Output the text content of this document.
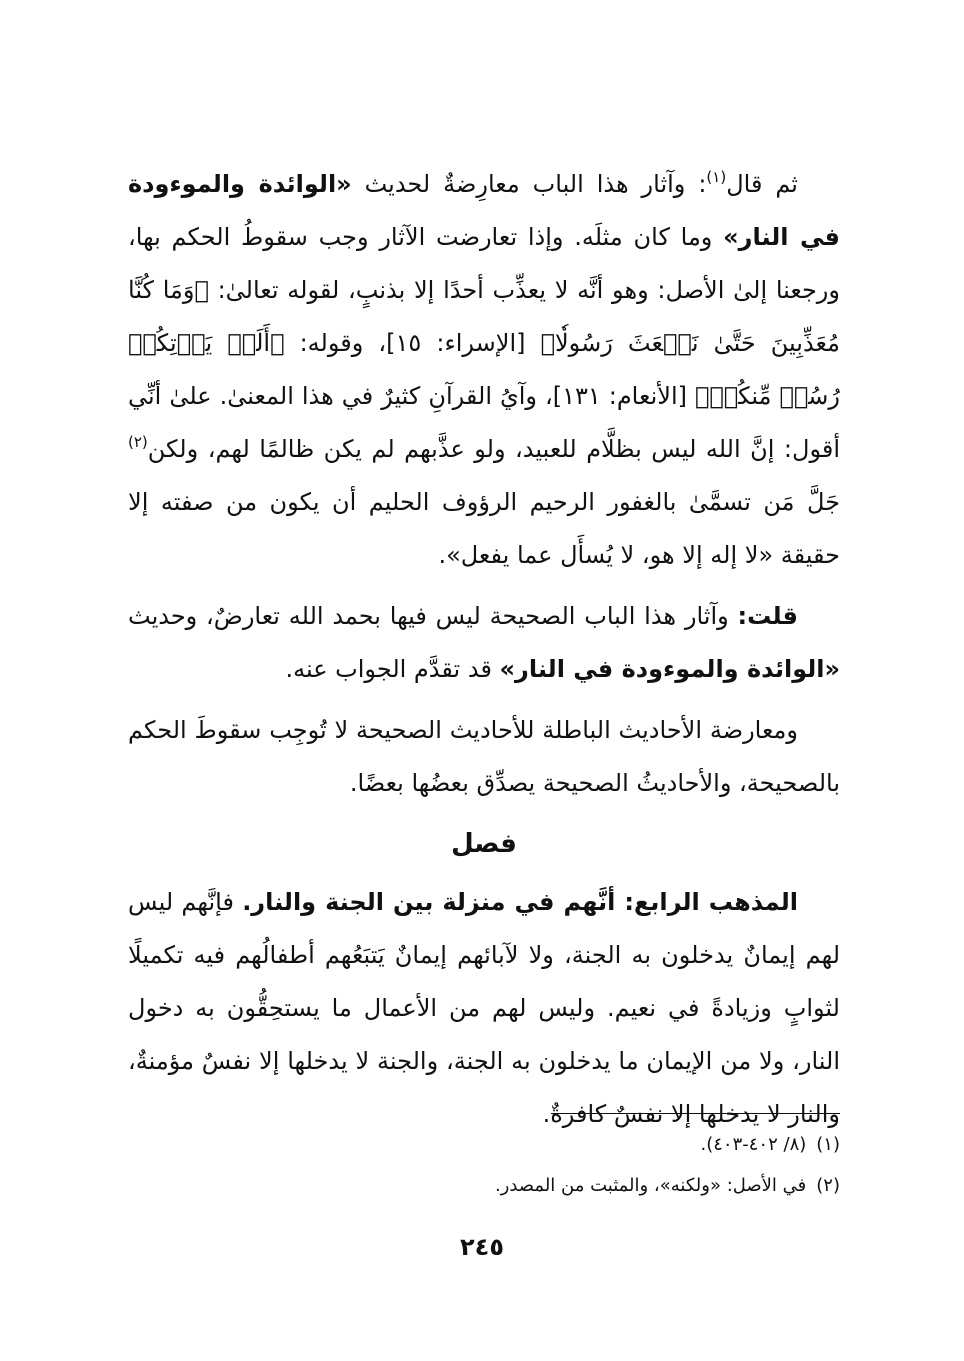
ثم قال$^{(١)}$: وآثار هذا الباب معارِضةٌ لحديث «الوائدة والموءودة في النار» وما كان مثلَه. وإذا تعارضت الآثار وجب سقوطُ الحكم بها، ورجعنا إلىٰ الأصل: وهو أنَّه لا يعذِّب أحدًا إلا بذنبٍ، لقوله تعالىٰ: ﴿وَمَا كُنَّا مُعَذِّبِينَ حَتَّىٰ نَبۡعَثَ رَسُولٗا﴾ [الإسراء: ١٥]، وقوله: ﴿أَلَمۡ يَأۡتِكُمۡ رُسُلٞ مِّنكُمۡ﴾ [الأنعام: ١٣١]، وآيُ القرآنِ كثيرٌ في هذا المعنىٰ. علىٰ أنِّي أقول: إنَّ الله ليس بظلَّام للعبيد، ولو عذَّبهم لم يكن ظالمًا لهم، ولكن$^{(٢)}$ جَلَّ مَن تسمَّىٰ بالغفور الرحيم الرؤوف الحليم أن يكون من صفته إلا حقيقة «لا إله إلا هو، لا يُسأَل عما يفعل».

قلت: وآثار هذا الباب الصحيحة ليس فيها بحمد الله تعارضٌ، وحديث «الوائدة والموءودة في النار» قد تقدَّم الجواب عنه.

ومعارضة الأحاديث الباطلة للأحاديث الصحيحة لا تُوجِب سقوطَ الحكم بالصحيحة، والأحاديثُ الصحيحة يصدِّق بعضُها بعضًا.

فصل

المذهب الرابع: أنَّهم في منزلة بين الجنة والنار. فإنَّهم ليس لهم إيمانٌ يدخلون به الجنة، ولا لآبائهم إيمانٌ يَتبَعُهم أطفالُهم فيه تكميلًا لثوابٍ وزيادةً في نعيم. وليس لهم من الأعمال ما يستحِقُّون به دخول النار، ولا من الإيمان ما يدخلون به الجنة، والجنة لا يدخلها إلا نفسٌ مؤمنةٌ، والنار لا يدخلها إلا نفسٌ كافرةٌ.

(١)(٨/ ٤٠٢-٤٠٣).

(٢)في الأصل: «ولكنه»، والمثبت من المصدر.

٢٤٥
